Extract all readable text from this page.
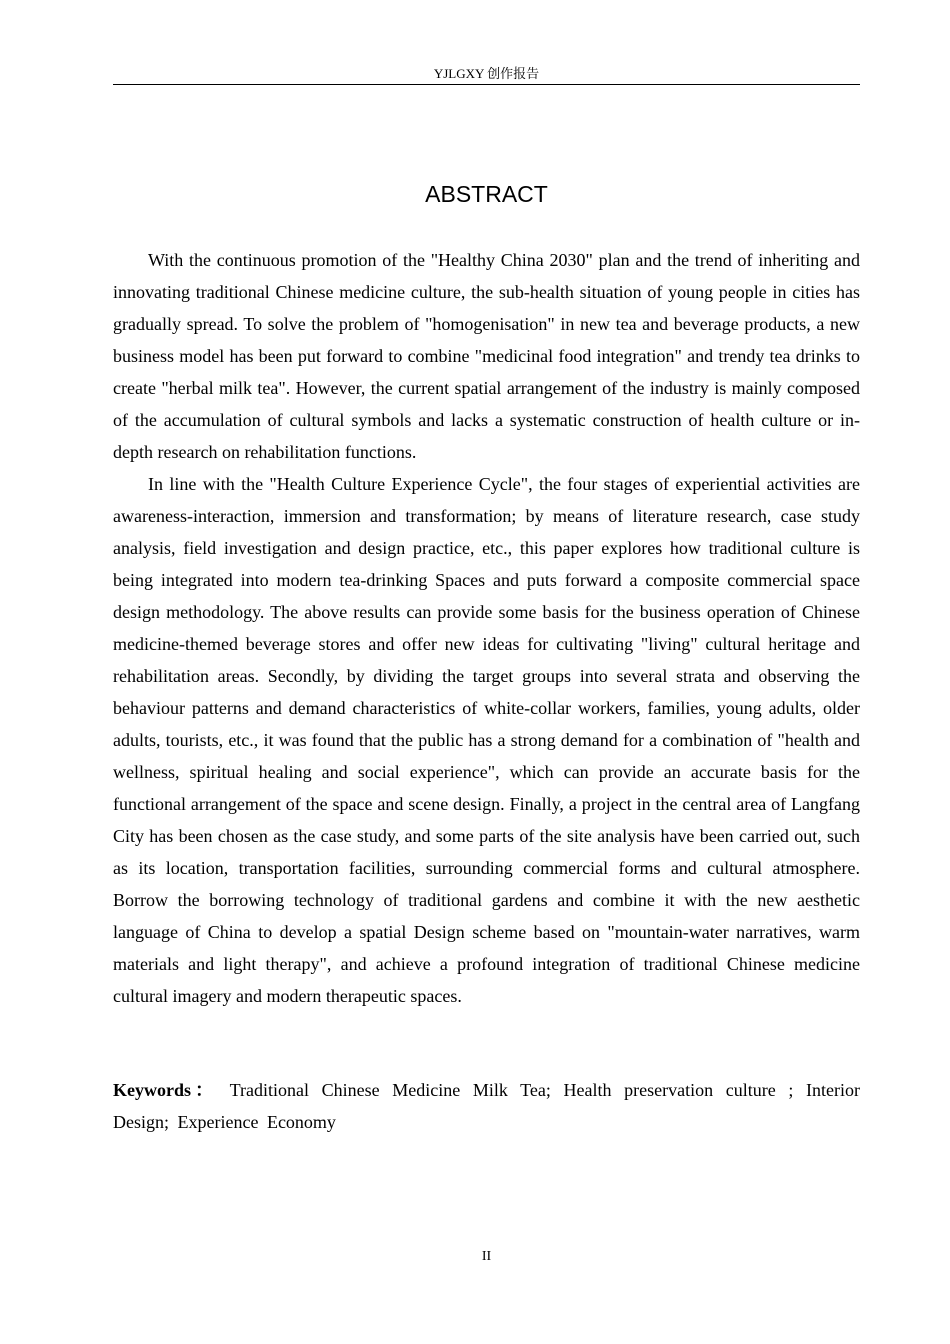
YJLGXY 创作报告
ABSTRACT

With the continuous promotion of the "Healthy China 2030" plan and the trend of inheriting and innovating traditional Chinese medicine culture, the sub-health situation of young people in cities has gradually spread. To solve the problem of "homogenisation" in new tea and beverage products, a new business model has been put forward to combine "medicinal food integration" and trendy tea drinks to create "herbal milk tea". However, the current spatial arrangement of the industry is mainly composed of the accumulation of cultural symbols and lacks a systematic construction of health culture or in-depth research on rehabilitation functions.

In line with the "Health Culture Experience Cycle", the four stages of experiential activities are awareness-interaction, immersion and transformation; by means of literature research, case study analysis, field investigation and design practice, etc., this paper explores how traditional culture is being integrated into modern tea-drinking Spaces and puts forward a composite commercial space design methodology. The above results can provide some basis for the business operation of Chinese medicine-themed beverage stores and offer new ideas for cultivating "living" cultural heritage and rehabilitation areas. Secondly, by dividing the target groups into several strata and observing the behaviour patterns and demand characteristics of white-collar workers, families, young adults, older adults, tourists, etc., it was found that the public has a strong demand for a combination of "health and wellness, spiritual healing and social experience", which can provide an accurate basis for the functional arrangement of the space and scene design. Finally, a project in the central area of Langfang City has been chosen as the case study, and some parts of the site analysis have been carried out, such as its location, transportation facilities, surrounding commercial forms and cultural atmosphere. Borrow the borrowing technology of traditional gardens and combine it with the new aesthetic language of China to develop a spatial Design scheme based on "mountain-water narratives, warm materials and light therapy", and achieve a profound integration of traditional Chinese medicine cultural imagery and modern therapeutic spaces.

Keywords： Traditional Chinese Medicine Milk Tea; Health preservation culture ; Interior Design; Experience Economy

II
